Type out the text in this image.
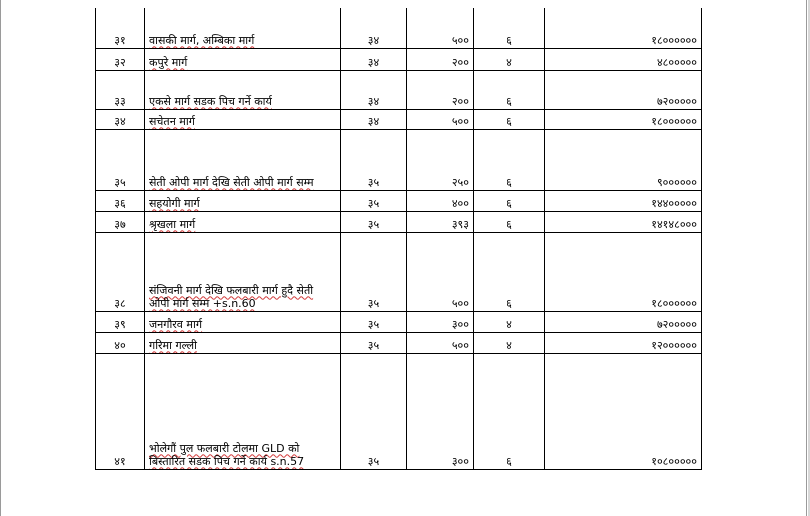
३१	वासकी मार्ग, अम्बिका मार्ग	३४	५००	६	१८००००००
३२	कपुरे मार्ग	३४	२००	४	४८०००००
३३	एकसे मार्ग सडक पिच गर्ने कार्य	३४	२००	६	७२०००००
३४	सचेतन मार्ग	३४	५००	६	१८००००००
३५	सेती ओपी मार्ग देखि सेती ओपी मार्ग सम्म	३५	२५०	६	९००००००
३६	सहयोगी मार्ग	३५	४००	६	१४४०००००
३७	श्रृखला मार्ग	३५	३९३	६	१४१४८०००
३८	संजिवनी मार्ग देखि फलबारी मार्ग हुदै सेती ओपी मार्ग सम्म +s.n.60	३५	५००	६	१८००००००
३९	जनगौरव मार्ग	३५	३००	४	७२०००००
४०	गरिमा गल्ली	३५	५००	४	१२००००००
४१	भोलेगौं पुल फलबारी टोलमा GLD को बिस्तारित सडक पिच गर्ने कार्य s.n.57	३५	३००	६	१०८०००००
